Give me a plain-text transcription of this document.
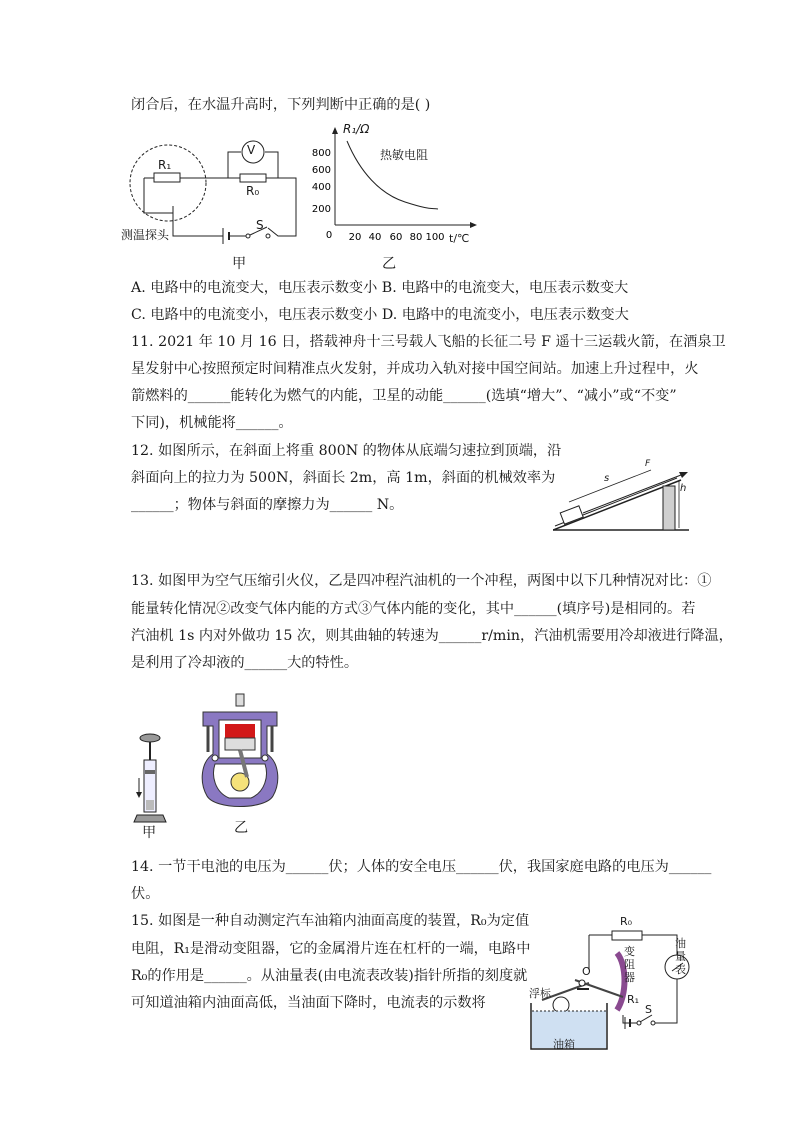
闭合后，在水温升高时，下列判断中正确的是( )
V
R₁
R₀
S
测温探头
甲
800
600
400
200
0 20 40 60 80 100
R₁/Ω
热敏电阻
t/℃
乙
A. 电路中的电流变大，电压表示数变小 B. 电路中的电流变大，电压表示数变大
C. 电路中的电流变小，电压表示数变小 D. 电路中的电流变小，电压表示数变大
11. 2021 年 10 月 16 日，搭载神舟十三号载人飞船的长征二号 F 遥十三运载火箭，在酒泉卫
星发射中心按照预定时间精准点火发射，并成功入轨对接中国空间站。加速上升过程中，火
箭燃料的______能转化为燃气的内能，卫星的动能______(选填“增大”、“减小”或“不变”
下同)，机械能将______。
12. 如图所示，在斜面上将重 800N 的物体从底端匀速拉到顶端，沿
斜面向上的拉力为 500N，斜面长 2m，高 1m，斜面的机械效率为
______；物体与斜面的摩擦力为______ N。
s
F
h
13. 如图甲为空气压缩引火仪，乙是四冲程汽油机的一个冲程，两图中以下几种情况对比：①
能量转化情况②改变气体内能的方式③气体内能的变化，其中______(填序号)是相同的。若
汽油机 1s 内对外做功 15 次，则其曲轴的转速为______r/min，汽油机需要用冷却液进行降温，
是利用了冷却液的______大的特性。
甲	乙
14. 一节干电池的电压为______伏；人体的安全电压______伏，我国家庭电路的电压为______
伏。
15. 如图是一种自动测定汽车油箱内油面高度的装置，R₀为定值
电阻，R₁是滑动变阻器，它的金属滑片连在杠杆的一端，电路中
R₀的作用是______。从油量表(由电流表改装)指针所指的刻度就
可知道油箱内油面高低，当油面下降时，电流表的示数将
R₀
O
变阻器
R₁
S
油量表
浮标
油箱
